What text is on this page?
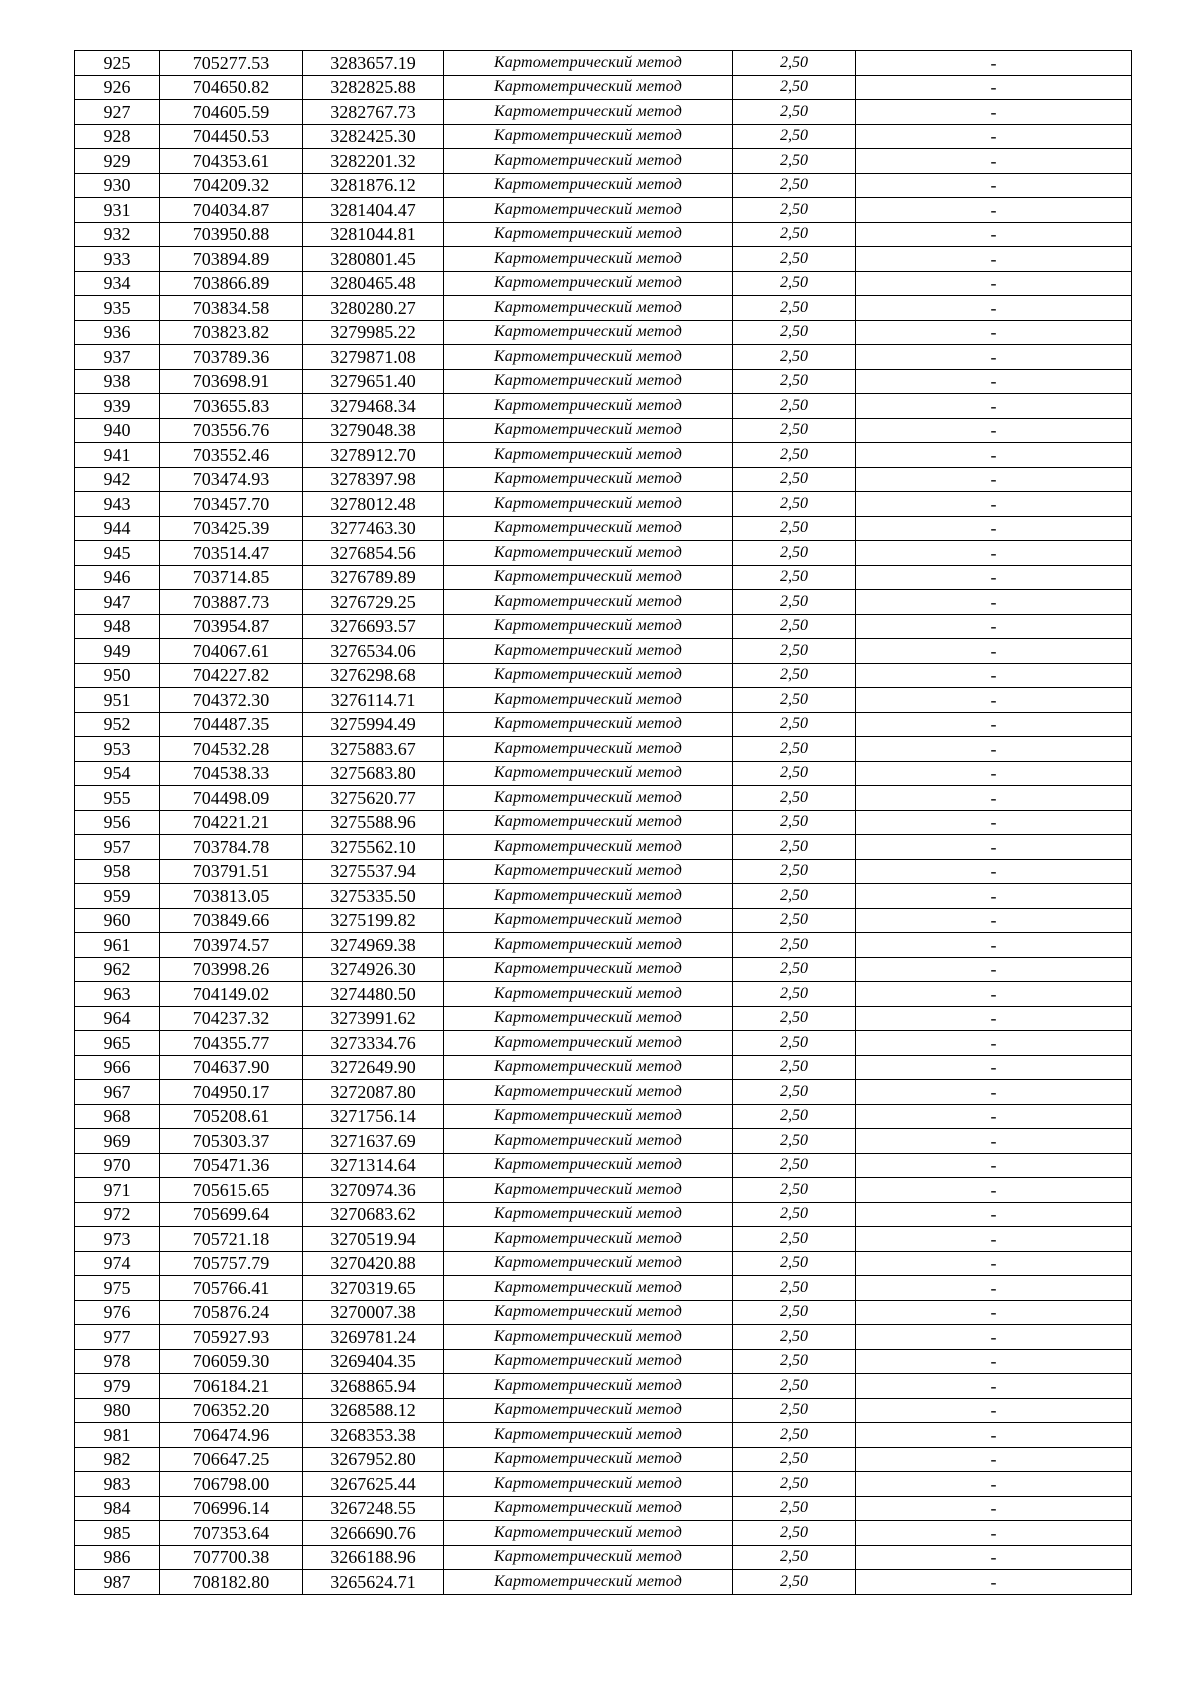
925	705277.53	3283657.19	Картометрический метод	2,50	-
926	704650.82	3282825.88	Картометрический метод	2,50	-
927	704605.59	3282767.73	Картометрический метод	2,50	-
928	704450.53	3282425.30	Картометрический метод	2,50	-
929	704353.61	3282201.32	Картометрический метод	2,50	-
930	704209.32	3281876.12	Картометрический метод	2,50	-
931	704034.87	3281404.47	Картометрический метод	2,50	-
932	703950.88	3281044.81	Картометрический метод	2,50	-
933	703894.89	3280801.45	Картометрический метод	2,50	-
934	703866.89	3280465.48	Картометрический метод	2,50	-
935	703834.58	3280280.27	Картометрический метод	2,50	-
936	703823.82	3279985.22	Картометрический метод	2,50	-
937	703789.36	3279871.08	Картометрический метод	2,50	-
938	703698.91	3279651.40	Картометрический метод	2,50	-
939	703655.83	3279468.34	Картометрический метод	2,50	-
940	703556.76	3279048.38	Картометрический метод	2,50	-
941	703552.46	3278912.70	Картометрический метод	2,50	-
942	703474.93	3278397.98	Картометрический метод	2,50	-
943	703457.70	3278012.48	Картометрический метод	2,50	-
944	703425.39	3277463.30	Картометрический метод	2,50	-
945	703514.47	3276854.56	Картометрический метод	2,50	-
946	703714.85	3276789.89	Картометрический метод	2,50	-
947	703887.73	3276729.25	Картометрический метод	2,50	-
948	703954.87	3276693.57	Картометрический метод	2,50	-
949	704067.61	3276534.06	Картометрический метод	2,50	-
950	704227.82	3276298.68	Картометрический метод	2,50	-
951	704372.30	3276114.71	Картометрический метод	2,50	-
952	704487.35	3275994.49	Картометрический метод	2,50	-
953	704532.28	3275883.67	Картометрический метод	2,50	-
954	704538.33	3275683.80	Картометрический метод	2,50	-
955	704498.09	3275620.77	Картометрический метод	2,50	-
956	704221.21	3275588.96	Картометрический метод	2,50	-
957	703784.78	3275562.10	Картометрический метод	2,50	-
958	703791.51	3275537.94	Картометрический метод	2,50	-
959	703813.05	3275335.50	Картометрический метод	2,50	-
960	703849.66	3275199.82	Картометрический метод	2,50	-
961	703974.57	3274969.38	Картометрический метод	2,50	-
962	703998.26	3274926.30	Картометрический метод	2,50	-
963	704149.02	3274480.50	Картометрический метод	2,50	-
964	704237.32	3273991.62	Картометрический метод	2,50	-
965	704355.77	3273334.76	Картометрический метод	2,50	-
966	704637.90	3272649.90	Картометрический метод	2,50	-
967	704950.17	3272087.80	Картометрический метод	2,50	-
968	705208.61	3271756.14	Картометрический метод	2,50	-
969	705303.37	3271637.69	Картометрический метод	2,50	-
970	705471.36	3271314.64	Картометрический метод	2,50	-
971	705615.65	3270974.36	Картометрический метод	2,50	-
972	705699.64	3270683.62	Картометрический метод	2,50	-
973	705721.18	3270519.94	Картометрический метод	2,50	-
974	705757.79	3270420.88	Картометрический метод	2,50	-
975	705766.41	3270319.65	Картометрический метод	2,50	-
976	705876.24	3270007.38	Картометрический метод	2,50	-
977	705927.93	3269781.24	Картометрический метод	2,50	-
978	706059.30	3269404.35	Картометрический метод	2,50	-
979	706184.21	3268865.94	Картометрический метод	2,50	-
980	706352.20	3268588.12	Картометрический метод	2,50	-
981	706474.96	3268353.38	Картометрический метод	2,50	-
982	706647.25	3267952.80	Картометрический метод	2,50	-
983	706798.00	3267625.44	Картометрический метод	2,50	-
984	706996.14	3267248.55	Картометрический метод	2,50	-
985	707353.64	3266690.76	Картометрический метод	2,50	-
986	707700.38	3266188.96	Картометрический метод	2,50	-
987	708182.80	3265624.71	Картометрический метод	2,50	-
